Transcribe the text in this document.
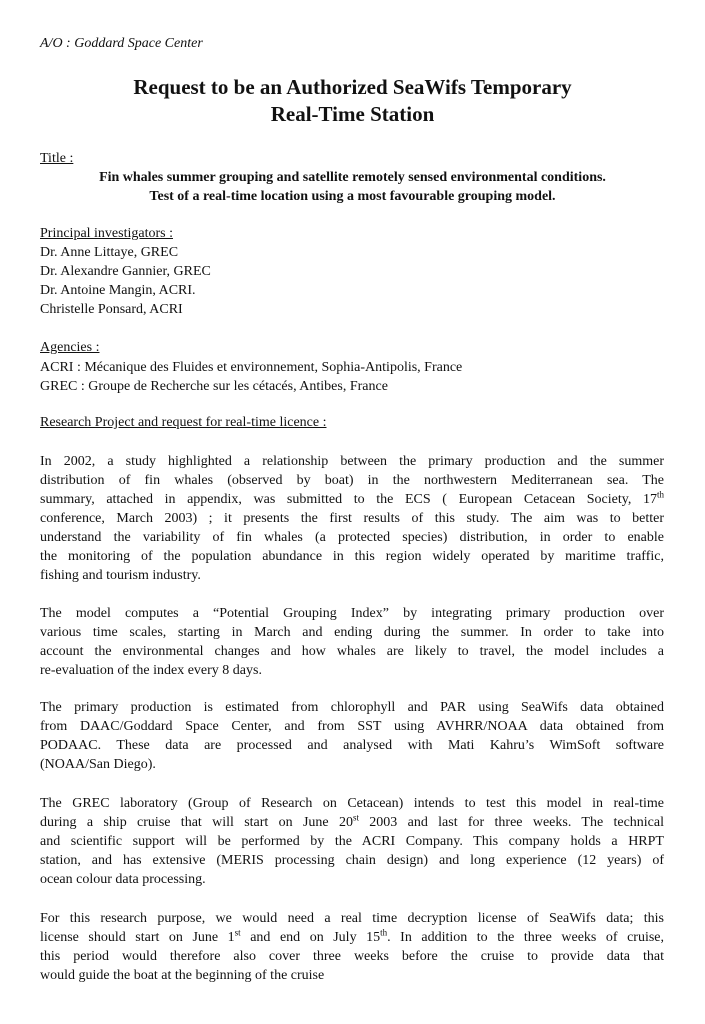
A/O : Goddard Space Center
Request to be an Authorized SeaWifs Temporary
Real-Time Station
Title :
Fin whales summer grouping and satellite remotely sensed environmental conditions.
Test of a real-time location using a most favourable grouping model.
Principal investigators :
Dr. Anne Littaye, GREC
Dr. Alexandre Gannier, GREC
Dr. Antoine Mangin, ACRI.
Christelle Ponsard, ACRI
Agencies :
ACRI : Mécanique des Fluides et environnement, Sophia-Antipolis, France
GREC : Groupe de Recherche sur les cétacés, Antibes, France
Research Project and request for real-time licence :
In 2002, a study highlighted a relationship between the primary production and the summer
distribution of fin whales (observed by boat) in the northwestern Mediterranean sea. The
summary, attached in appendix, was submitted to the ECS ( European Cetacean Society, 17th
conference, March 2003) ; it presents the first results of this study. The aim was to better
understand the variability of fin whales (a protected species) distribution, in order to enable
the monitoring of the population abundance in this region widely operated by maritime traffic,
fishing and tourism industry.
The model computes a “Potential Grouping Index” by integrating primary production over
various time scales, starting in March and ending during the summer. In order to take into
account the environmental changes and how whales are likely to travel, the model includes a
re-evaluation of the index every 8 days.
The primary production is estimated from chlorophyll and PAR using SeaWifs data obtained
from DAAC/Goddard Space Center, and from SST using AVHRR/NOAA data obtained from
PODAAC. These data are processed and analysed with Mati Kahru’s WimSoft software
(NOAA/San Diego).
The GREC laboratory (Group of Research on Cetacean) intends to test this model in real-time
during a ship cruise that will start on June 20st 2003 and last for three weeks. The technical
and scientific support will be performed by the ACRI Company. This company holds a HRPT
station, and has extensive (MERIS processing chain design) and long experience (12 years) of
ocean colour data processing.
For this research purpose, we would need a real time decryption license of SeaWifs data; this
license should start on June 1st and end on July 15th. In addition to the three weeks of cruise,
this period would therefore also cover three weeks before the cruise to provide data that
would guide the boat at the beginning of the cruise
